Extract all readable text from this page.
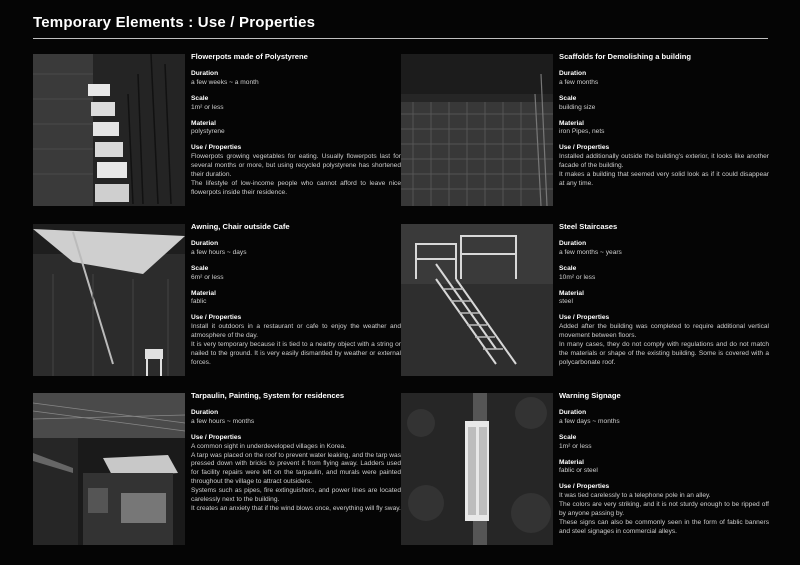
Temporary Elements : Use / Properties
Flowerpots made of Polystyrene
Duration
a few weeks ~ a month
Scale
1m² or less
Material
polystyrene
Use / Properties

Flowerpots growing vegetables for eating. Usually flowerpots last for several months or more, but using recycled polystyrene has shortened their duration.

The lifestyle of low-income people who cannot afford to leave nice flowerpots inside their residence.

Scaffolds for Demolishing a building
Duration
a few months
Scale
building size
Material
iron Pipes, nets
Use / Properties

Installed additionally outside the building's exterior, it looks like another facade of the building.

It makes a building that seemed very solid look as if it could disappear at any time.

Awning, Chair outside Cafe
Duration
a few hours ~ days
Scale
6m² or less
Material
fablic
Use / Properties

Install it outdoors in a restaurant or cafe to enjoy the weather and atmosphere of the day.

It is very temporary because it is tied to a nearby object with a string or nailed to the ground. It is very easily dismantled by weather or external forces.

Steel Staircases
Duration
a few months ~ years
Scale
10m² or less
Material
steel
Use / Properties

Added after the building was completed to require additional vertical movement between floors.

In many cases, they do not comply with regulations and do not match the materials or shape of the existing building. Some is covered with a polycarbonate roof.

Tarpaulin, Painting, System for residences
Duration
a few hours ~ months
Use / Properties

A common sight in underdeveloped villages in Korea.

A tarp was placed on the roof to prevent water leaking, and the tarp was pressed down with bricks to prevent it from flying away. Ladders used for facility repairs were left on the tarpaulin, and murals were painted throughout the village to attract outsiders.

Systems such as pipes, fire extinguishers, and power lines are located carelessly next to the building.

It creates an anxiety that if the wind blows once, everything will fly sway.

Warning Signage
Duration
a few days ~ months
Scale
1m² or less
Material
fablic or steel
Use / Properties

It was tied carelessly to a telephone pole in an alley.

The colors are very striking, and it is not sturdy enough to be ripped off by anyone passing by.

These signs can also be commonly seen in the form of fablic banners and steel signages in commercial alleys.
